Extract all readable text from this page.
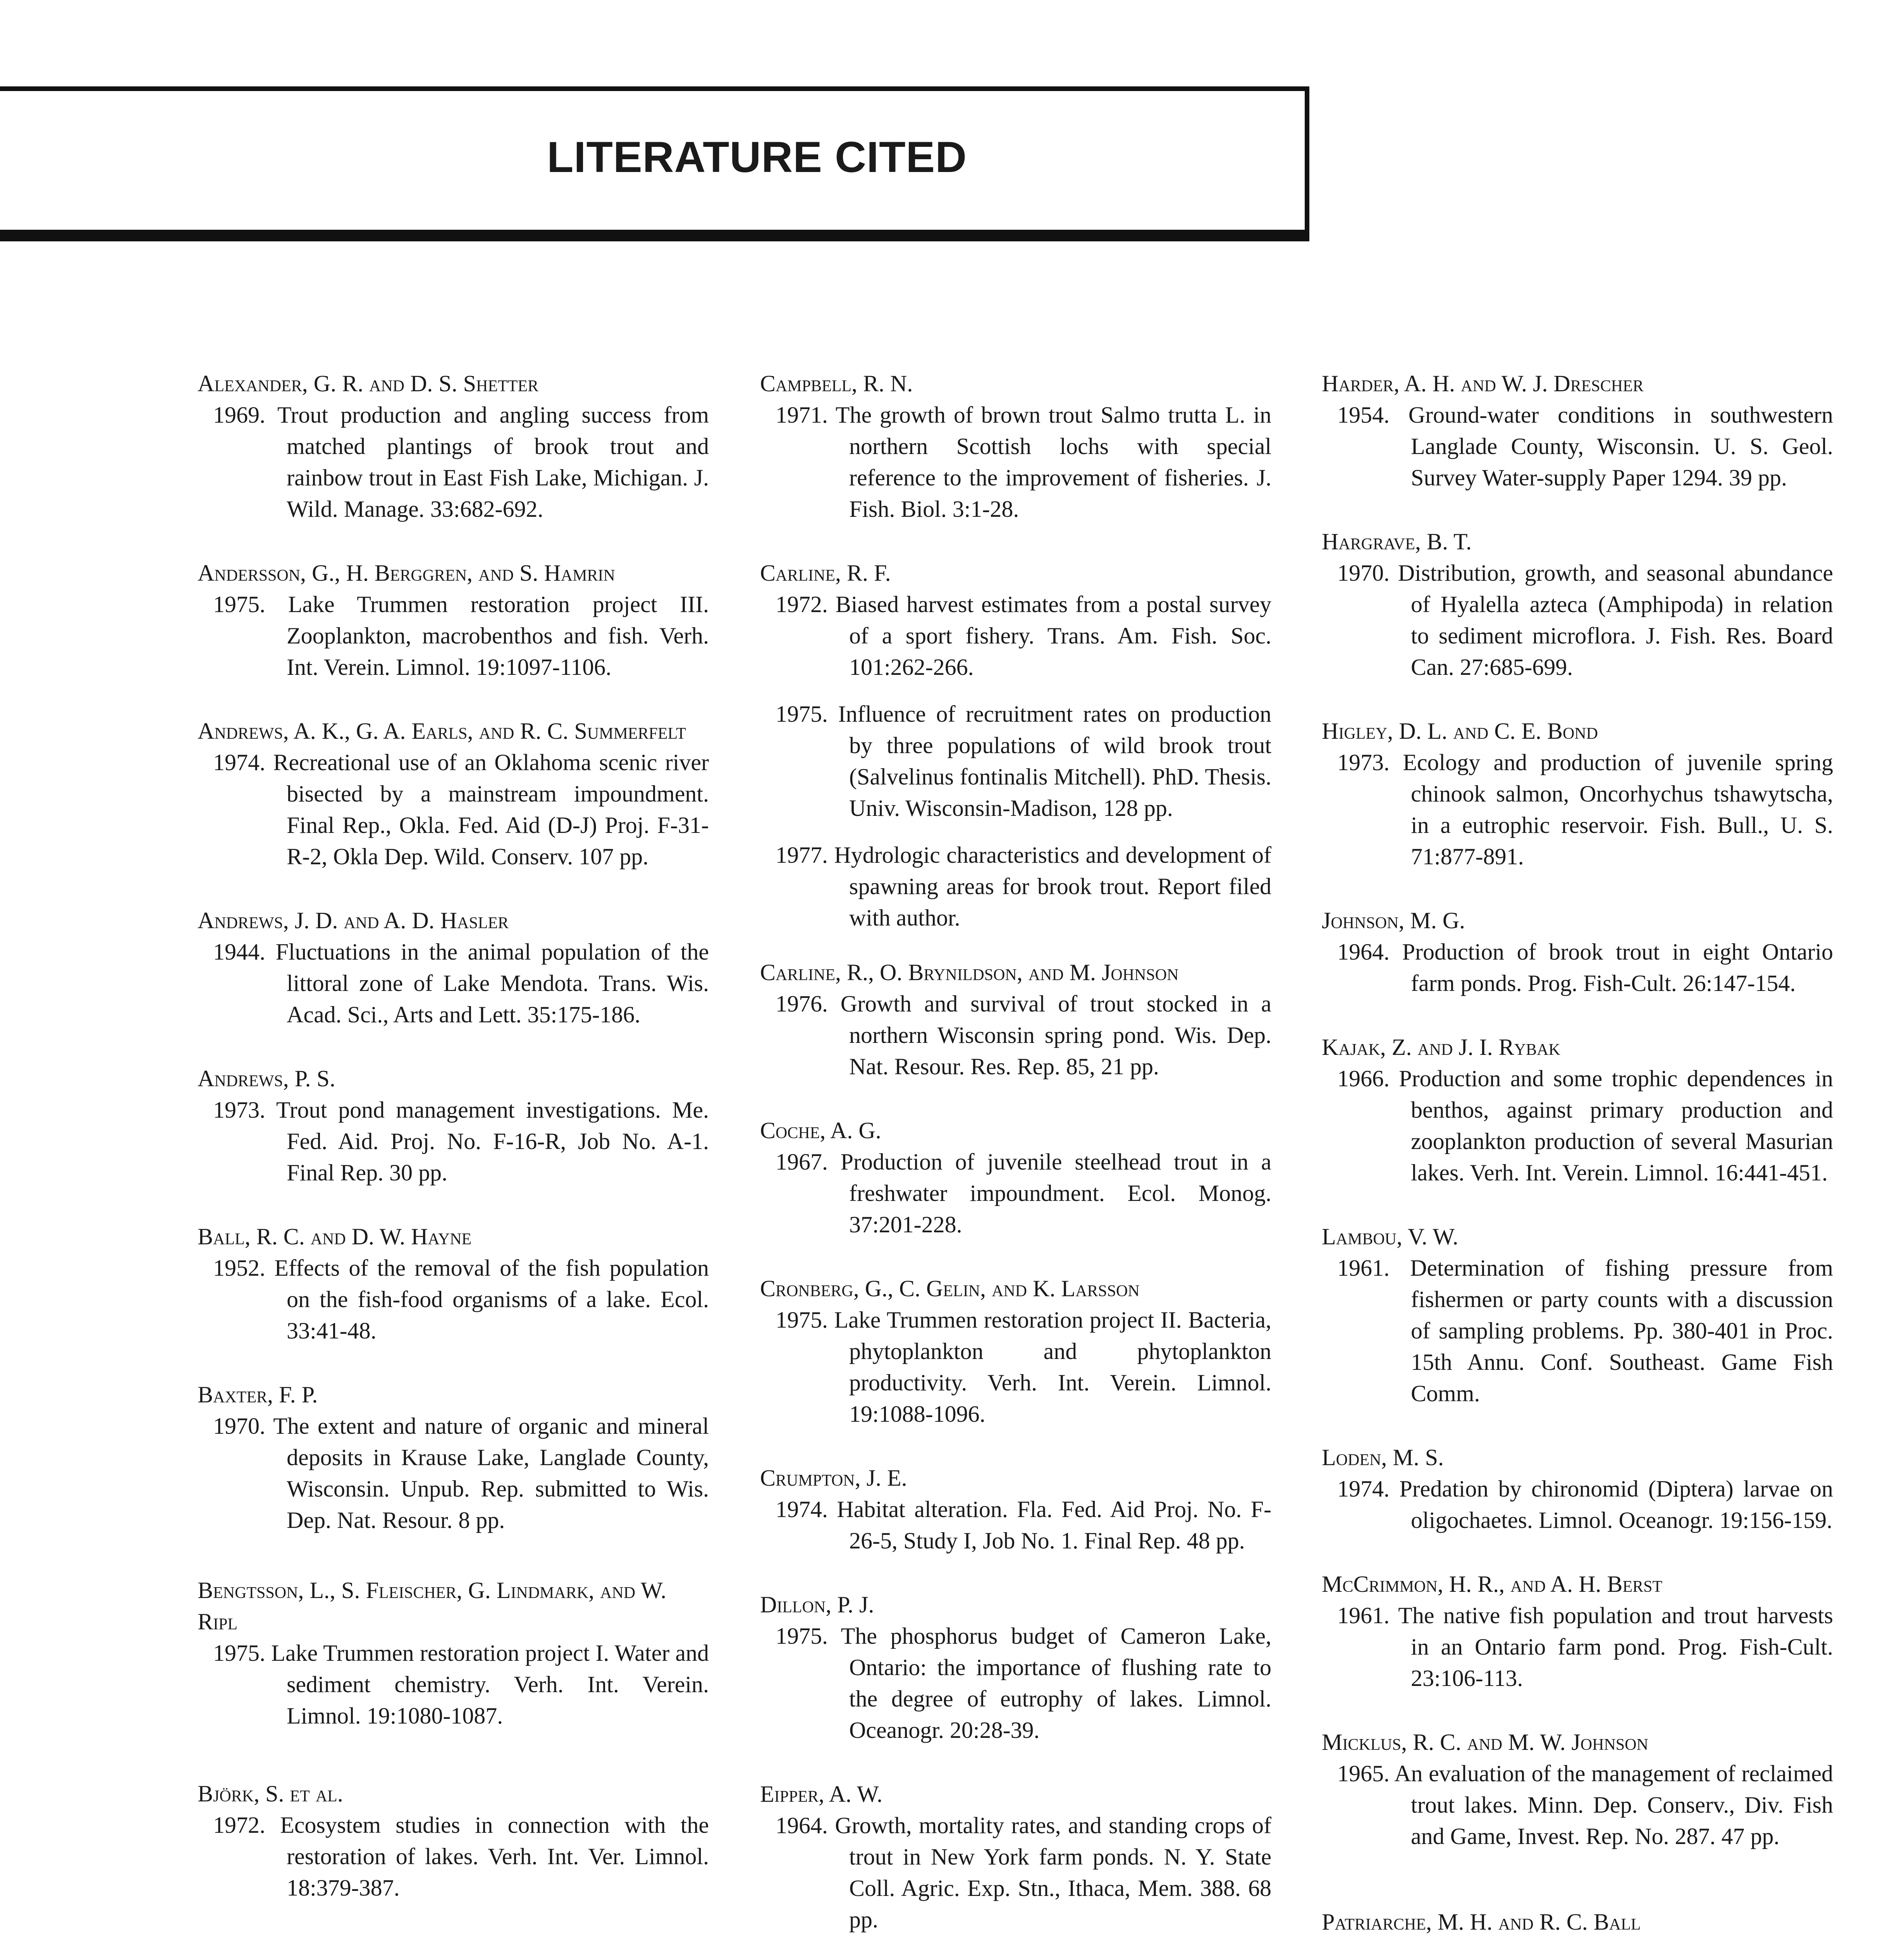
LITERATURE CITED

Alexander, G. R. and D. S. Shetter

1969. Trout production and angling success from matched plantings of brook trout and rainbow trout in East Fish Lake, Michigan. J. Wild. Manage. 33:682-692.

Andersson, G., H. Berggren, and S. Hamrin

1975. Lake Trummen restoration project III. Zooplankton, macrobenthos and fish. Verh. Int. Verein. Limnol. 19:1097-1106.

Andrews, A. K., G. A. Earls, and R. C. Summerfelt

1974. Recreational use of an Oklahoma scenic river bisected by a mainstream impoundment. Final Rep., Okla. Fed. Aid (D-J) Proj. F-31-R-2, Okla Dep. Wild. Conserv. 107 pp.

Andrews, J. D. and A. D. Hasler

1944. Fluctuations in the animal population of the littoral zone of Lake Mendota. Trans. Wis. Acad. Sci., Arts and Lett. 35:175-186.

Andrews, P. S.

1973. Trout pond management investigations. Me. Fed. Aid. Proj. No. F-16-R, Job No. A-1. Final Rep. 30 pp.

Ball, R. C. and D. W. Hayne

1952. Effects of the removal of the fish population on the fish-food organisms of a lake. Ecol. 33:41-48.

Baxter, F. P.

1970. The extent and nature of organic and mineral deposits in Krause Lake, Langlade County, Wisconsin. Unpub. Rep. submitted to Wis. Dep. Nat. Resour. 8 pp.

Bengtsson, L., S. Fleischer, G. Lindmark, and W. Ripl

1975. Lake Trummen restoration project I. Water and sediment chemistry. Verh. Int. Verein. Limnol. 19:1080-1087.

Björk, S. et al.

1972. Ecosystem studies in connection with the restoration of lakes. Verh. Int. Ver. Limnol. 18:379-387.

Campbell, R. N.

1971. The growth of brown trout Salmo trutta L. in northern Scottish lochs with special reference to the improvement of fisheries. J. Fish. Biol. 3:1-28.

Carline, R. F.

1972. Biased harvest estimates from a postal survey of a sport fishery. Trans. Am. Fish. Soc. 101:262-266.

1975. Influence of recruitment rates on production by three populations of wild brook trout (Salvelinus fontinalis Mitchell). PhD. Thesis. Univ. Wisconsin-Madison, 128 pp.

1977. Hydrologic characteristics and development of spawning areas for brook trout. Report filed with author.

Carline, R., O. Brynildson, and M. Johnson

1976. Growth and survival of trout stocked in a northern Wisconsin spring pond. Wis. Dep. Nat. Resour. Res. Rep. 85, 21 pp.

Coche, A. G.

1967. Production of juvenile steelhead trout in a freshwater impoundment. Ecol. Monog. 37:201-228.

Cronberg, G., C. Gelin, and K. Larsson

1975. Lake Trummen restoration project II. Bacteria, phytoplankton and phytoplankton productivity. Verh. Int. Verein. Limnol. 19:1088-1096.

Crumpton, J. E.

1974. Habitat alteration. Fla. Fed. Aid Proj. No. F-26-5, Study I, Job No. 1. Final Rep. 48 pp.

Dillon, P. J.

1975. The phosphorus budget of Cameron Lake, Ontario: the importance of flushing rate to the degree of eutrophy of lakes. Limnol. Oceanogr. 20:28-39.

Eipper, A. W.

1964. Growth, mortality rates, and standing crops of trout in New York farm ponds. N. Y. State Coll. Agric. Exp. Stn., Ithaca, Mem. 388. 68 pp.

Harder, A. H. and W. J. Drescher

1954. Ground-water conditions in southwestern Langlade County, Wisconsin. U. S. Geol. Survey Water-supply Paper 1294. 39 pp.

Hargrave, B. T.

1970. Distribution, growth, and seasonal abundance of Hyalella azteca (Amphipoda) in relation to sediment microflora. J. Fish. Res. Board Can. 27:685-699.

Higley, D. L. and C. E. Bond

1973. Ecology and production of juvenile spring chinook salmon, Oncorhychus tshawytscha, in a eutrophic reservoir. Fish. Bull., U. S. 71:877-891.

Johnson, M. G.

1964. Production of brook trout in eight Ontario farm ponds. Prog. Fish-Cult. 26:147-154.

Kajak, Z. and J. I. Rybak

1966. Production and some trophic dependences in benthos, against primary production and zooplankton production of several Masurian lakes. Verh. Int. Verein. Limnol. 16:441-451.

Lambou, V. W.

1961. Determination of fishing pressure from fishermen or party counts with a discussion of sampling problems. Pp. 380-401 in Proc. 15th Annu. Conf. Southeast. Game Fish Comm.

Loden, M. S.

1974. Predation by chironomid (Diptera) larvae on oligochaetes. Limnol. Oceanogr. 19:156-159.

McCrimmon, H. R., and A. H. Berst

1961. The native fish population and trout harvests in an Ontario farm pond. Prog. Fish-Cult. 23:106-113.

Micklus, R. C. and M. W. Johnson

1965. An evaluation of the management of reclaimed trout lakes. Minn. Dep. Conserv., Div. Fish and Game, Invest. Rep. No. 287. 47 pp.

Patriarche, M. H. and R. C. Ball
